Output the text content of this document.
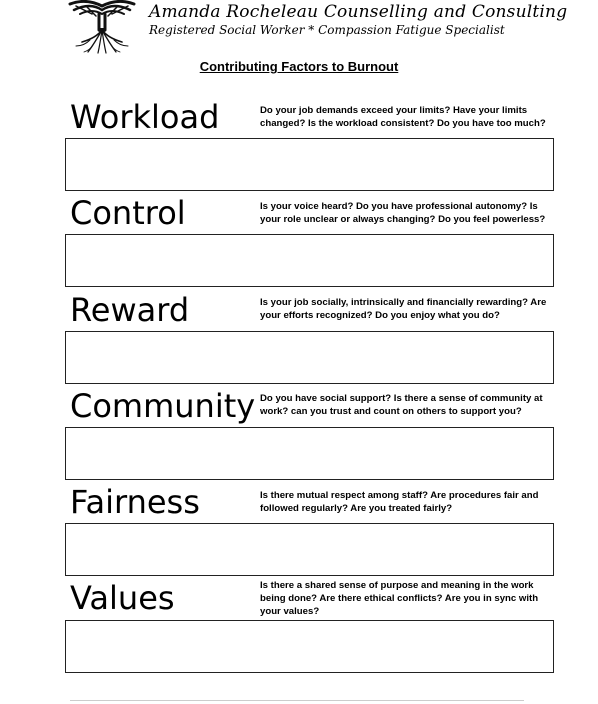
Amanda Rocheleau Counselling and Consulting
Registered Social Worker * Compassion Fatigue Specialist
Contributing Factors to Burnout
Workload	Do your job demands exceed your limits? Have your limits changed? Is the workload consistent? Do you have too much?
Control	Is your voice heard? Do you have professional autonomy? Is your role unclear or always changing? Do you feel powerless?
Reward	Is your job socially, intrinsically and financially rewarding? Are your efforts recognized? Do you enjoy what you do?
Community Do you have social support? Is there a sense of community at work? can you trust and count on others to support you?
Fairness	Is there mutual respect among staff? Are procedures fair and followed regularly? Are you treated fairly?
Values	Is there a shared sense of purpose and meaning in the work being done? Are there ethical conflicts? Are you in sync with your values?
